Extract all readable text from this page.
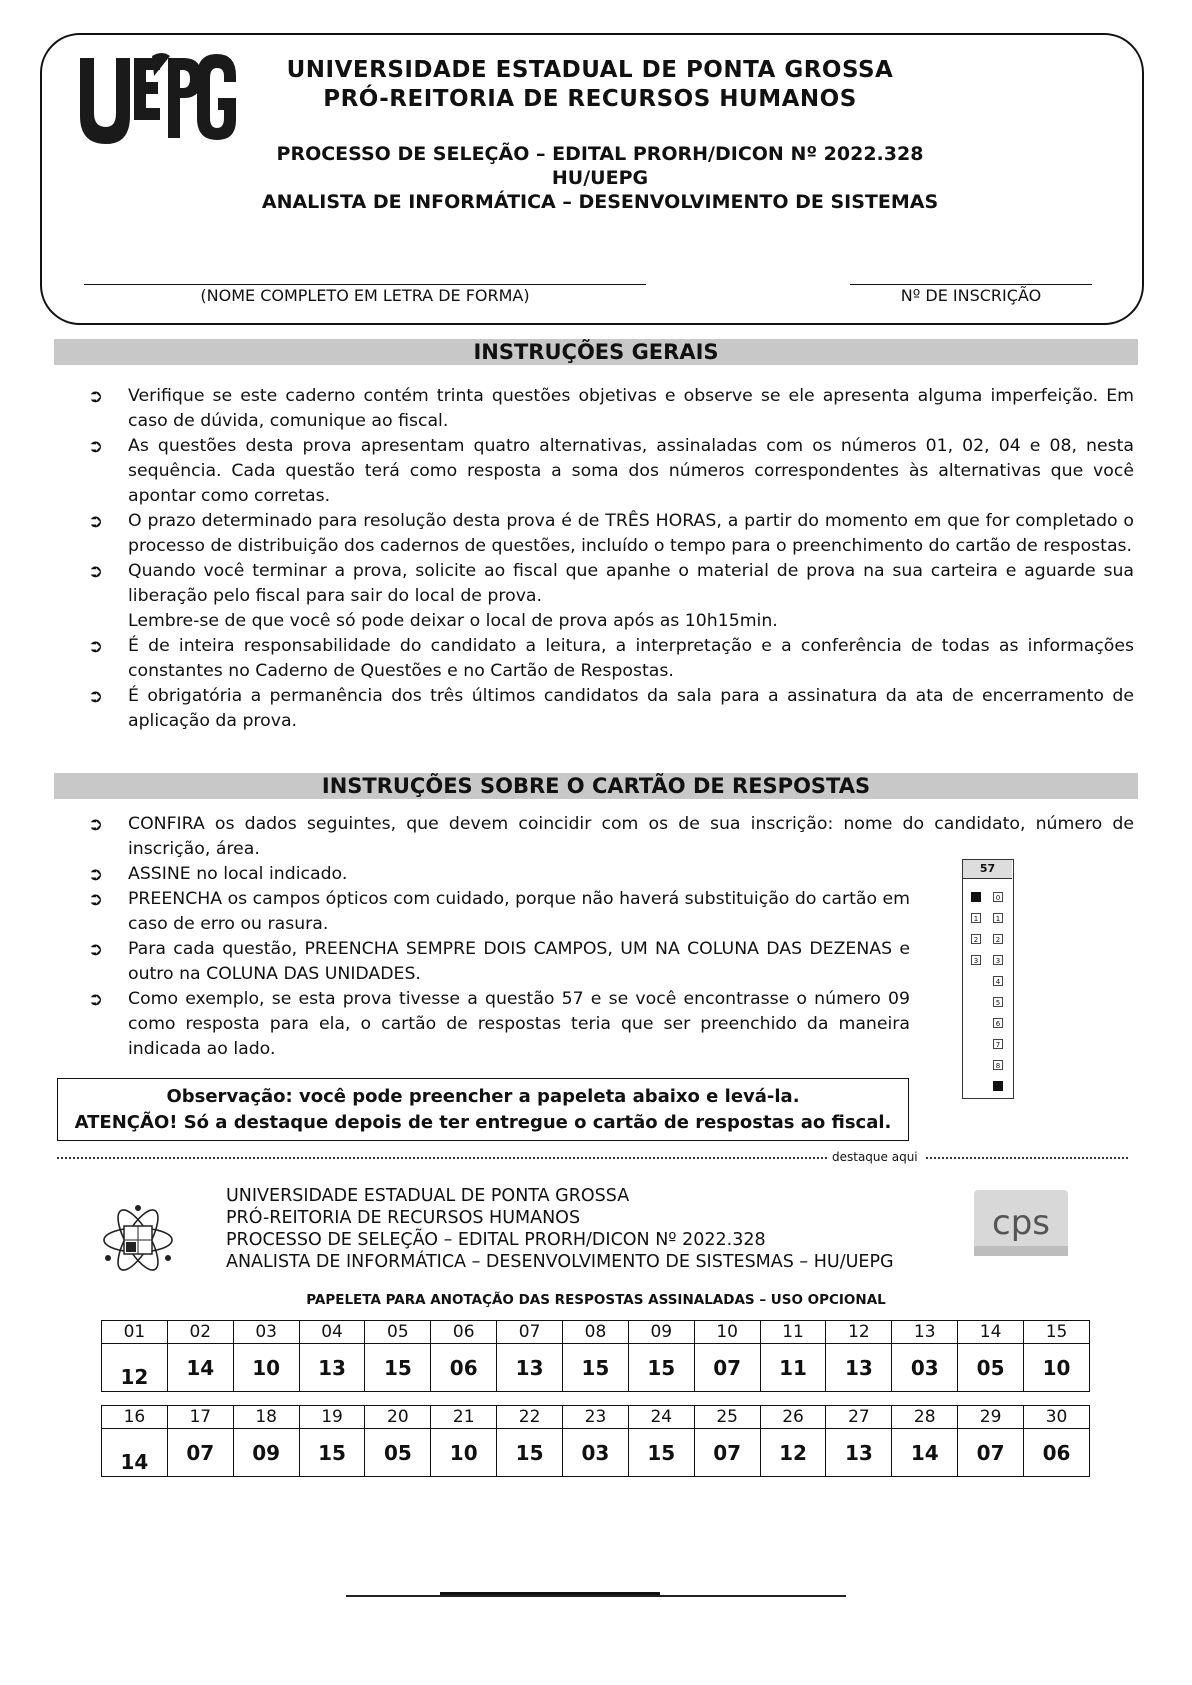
UNIVERSIDADE ESTADUAL DE PONTA GROSSA
PRÓ-REITORIA DE RECURSOS HUMANOS
PROCESSO DE SELEÇÃO – EDITAL PRORH/DICON Nº 2022.328
HU/UEPG
ANALISTA DE INFORMÁTICA – DESENVOLVIMENTO DE SISTEMAS
(NOME COMPLETO EM LETRA DE FORMA)	Nº DE INSCRIÇÃO
INSTRUÇÕES GERAIS
➲ Verifique se este caderno contém trinta questões objetivas e observe se ele apresenta alguma imperfeição. Em caso de dúvida, comunique ao fiscal.
➲ As questões desta prova apresentam quatro alternativas, assinaladas com os números 01, 02, 04 e 08, nesta sequência. Cada questão terá como resposta a soma dos números correspondentes às alternativas que você apontar como corretas.
➲ O prazo determinado para resolução desta prova é de TRÊS HORAS, a partir do momento em que for completado o processo de distribuição dos cadernos de questões, incluído o tempo para o preenchimento do cartão de respostas.
➲ Quando você terminar a prova, solicite ao fiscal que apanhe o material de prova na sua carteira e aguarde sua liberação pelo fiscal para sair do local de prova.
Lembre-se de que você só pode deixar o local de prova após as 10h15min.
➲ É de inteira responsabilidade do candidato a leitura, a interpretação e a conferência de todas as informações constantes no Caderno de Questões e no Cartão de Respostas.
➲ É obrigatória a permanência dos três últimos candidatos da sala para a assinatura da ata de encerramento de aplicação da prova.
INSTRUÇÕES SOBRE O CARTÃO DE RESPOSTAS
➲ CONFIRA os dados seguintes, que devem coincidir com os de sua inscrição: nome do candidato, número de inscrição, área.
➲ ASSINE no local indicado.
➲ PREENCHA os campos ópticos com cuidado, porque não haverá substituição do cartão em caso de erro ou rasura.
➲ Para cada questão, PREENCHA SEMPRE DOIS CAMPOS, UM NA COLUNA DAS DEZENAS e outro na COLUNA DAS UNIDADES.
➲ Como exemplo, se esta prova tivesse a questão 57 e se você encontrasse o número 09 como resposta para ela, o cartão de respostas teria que ser preenchido da maneira indicada ao lado.
57
1
2
3
0
1
2
3
4
5
6
7
8
Observação: você pode preencher a papeleta abaixo e levá-la.
ATENÇÃO! Só a destaque depois de ter entregue o cartão de respostas ao fiscal.
destaque aqui
UNIVERSIDADE ESTADUAL DE PONTA GROSSA
PRÓ-REITORIA DE RECURSOS HUMANOS
PROCESSO DE SELEÇÃO – EDITAL PRORH/DICON Nº 2022.328
ANALISTA DE INFORMÁTICA – DESENVOLVIMENTO DE SISTESMAS – HU/UEPG
cps
PAPELETA PARA ANOTAÇÃO DAS RESPOSTAS ASSINALADAS – USO OPCIONAL
01	02	03	04	05	06	07	08	09	10	11	12	13	14	15
12	14	10	13	15	06	13	15	15	07	11	13	03	05	10
16	17	18	19	20	21	22	23	24	25	26	27	28	29	30
14	07	09	15	05	10	15	03	15	07	12	13	14	07	06
